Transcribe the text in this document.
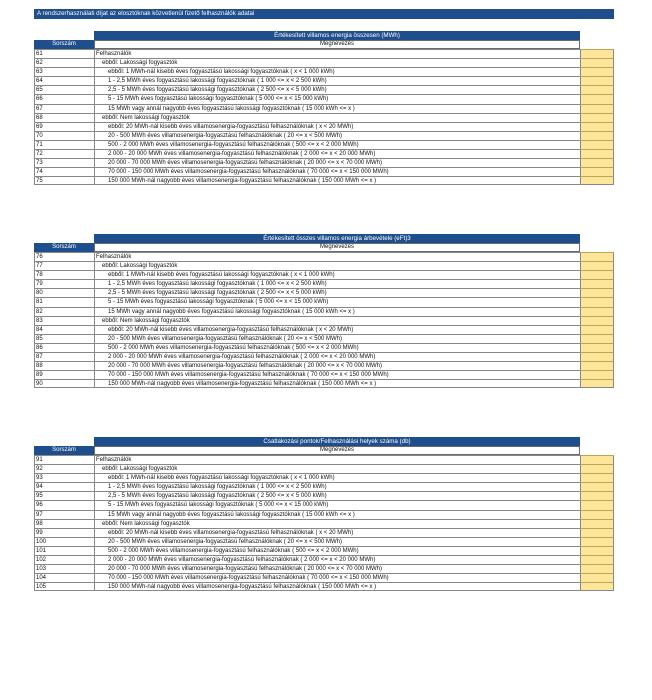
A rendszerhasználati díjat az elosztóknak közvetlenül fizető felhasználók adatai
Értékesített villamos energia összesen (MWh)
Sorszám	Megnevezés
61	Felhasználók
62	ebből: Lakossági fogyasztók
63	ebből: 1 MWh-nál kisebb éves fogyasztású lakossági fogyasztóknak ( x < 1 000 kWh)
64	1 - 2,5 MWh éves fogyasztású lakossági fogyasztóknak ( 1 000 <= x < 2 500 kWh)
65	2,5 - 5 MWh éves fogyasztású lakossági fogyasztóknak ( 2 500 <= x < 5 000 kWh)
66	5 - 15 MWh éves fogyasztású lakossági fogyasztóknak ( 5 000 <= x < 15 000 kWh)
67	15 MWh vagy annál nagyobb éves fogyasztású lakossági fogyasztóknak ( 15 000 kWh <= x )
68	ebből: Nem lakossági fogyasztók
69	ebből: 20 MWh-nál kisebb éves villamosenergia-fogyasztású felhasználóknak ( x < 20 MWh)
70	20 - 500 MWh éves villamosenergia-fogyasztású felhasználóknak ( 20 <= x < 500 MWh)
71	500 - 2 000 MWh éves villamosenergia-fogyasztású felhasználóknak ( 500 <= x < 2 000 MWh)
72	2 000 - 20 000 MWh éves villamosenergia-fogyasztású felhasználóknak ( 2 000 <= x < 20 000 MWh)
73	20 000 - 70 000 MWh éves villamosenergia-fogyasztású felhasználóknak ( 20 000 <= x < 70 000 MWh)
74	70 000 - 150 000 MWh éves villamosenergia-fogyasztású felhasználóknak ( 70 000 <= x < 150 000 MWh)
75	150 000 MWh-nál nagyobb éves villamosenergia-fogyasztású felhasználóknak ( 150 000 MWh <= x )
Értékesített összes villamos energia árbevétele (eFt)3
Sorszám	Megnevezés
76	Felhasználók
77	ebből: Lakossági fogyasztók
78	ebből: 1 MWh-nál kisebb éves fogyasztású lakossági fogyasztóknak ( x < 1 000 kWh)
79	1 - 2,5 MWh éves fogyasztású lakossági fogyasztóknak ( 1 000 <= x < 2 500 kWh)
80	2,5 - 5 MWh éves fogyasztású lakossági fogyasztóknak ( 2 500 <= x < 5 000 kWh)
81	5 - 15 MWh éves fogyasztású lakossági fogyasztóknak ( 5 000 <= x < 15 000 kWh)
82	15 MWh vagy annál nagyobb éves fogyasztású lakossági fogyasztóknak ( 15 000 kWh <= x )
83	ebből: Nem lakossági fogyasztók
84	ebből: 20 MWh-nál kisebb éves villamosenergia-fogyasztású felhasználóknak ( x < 20 MWh)
85	20 - 500 MWh éves villamosenergia-fogyasztású felhasználóknak ( 20 <= x < 500 MWh)
86	500 - 2 000 MWh éves villamosenergia-fogyasztású felhasználóknak ( 500 <= x < 2 000 MWh)
87	2 000 - 20 000 MWh éves villamosenergia-fogyasztású felhasználóknak ( 2 000 <= x < 20 000 MWh)
88	20 000 - 70 000 MWh éves villamosenergia-fogyasztású felhasználóknak ( 20 000 <= x < 70 000 MWh)
89	70 000 - 150 000 MWh éves villamosenergia-fogyasztású felhasználóknak ( 70 000 <= x < 150 000 MWh)
90	150 000 MWh-nál nagyobb éves villamosenergia-fogyasztású felhasználóknak ( 150 000 MWh <= x )
Csatlakozási pontok/Felhasználási helyek száma (db)
Sorszám	Megnevezés
91	Felhasználók
92	ebből: Lakossági fogyasztók
93	ebből: 1 MWh-nál kisebb éves fogyasztású lakossági fogyasztóknak ( x < 1 000 kWh)
94	1 - 2,5 MWh éves fogyasztású lakossági fogyasztóknak ( 1 000 <= x < 2 500 kWh)
95	2,5 - 5 MWh éves fogyasztású lakossági fogyasztóknak ( 2 500 <= x < 5 000 kWh)
96	5 - 15 MWh éves fogyasztású lakossági fogyasztóknak ( 5 000 <= x < 15 000 kWh)
97	15 MWh vagy annál nagyobb éves fogyasztású lakossági fogyasztóknak ( 15 000 kWh <= x )
98	ebből: Nem lakossági fogyasztók
99	ebből: 20 MWh-nál kisebb éves villamosenergia-fogyasztású felhasználóknak ( x < 20 MWh)
100	20 - 500 MWh éves villamosenergia-fogyasztású felhasználóknak ( 20 <= x < 500 MWh)
101	500 - 2 000 MWh éves villamosenergia-fogyasztású felhasználóknak ( 500 <= x < 2 000 MWh)
102	2 000 - 20 000 MWh éves villamosenergia-fogyasztású felhasználóknak ( 2 000 <= x < 20 000 MWh)
103	20 000 - 70 000 MWh éves villamosenergia-fogyasztású felhasználóknak ( 20 000 <= x < 70 000 MWh)
104	70 000 - 150 000 MWh éves villamosenergia-fogyasztású felhasználóknak ( 70 000 <= x < 150 000 MWh)
105	150 000 MWh-nál nagyobb éves villamosenergia-fogyasztású felhasználóknak ( 150 000 MWh <= x )
